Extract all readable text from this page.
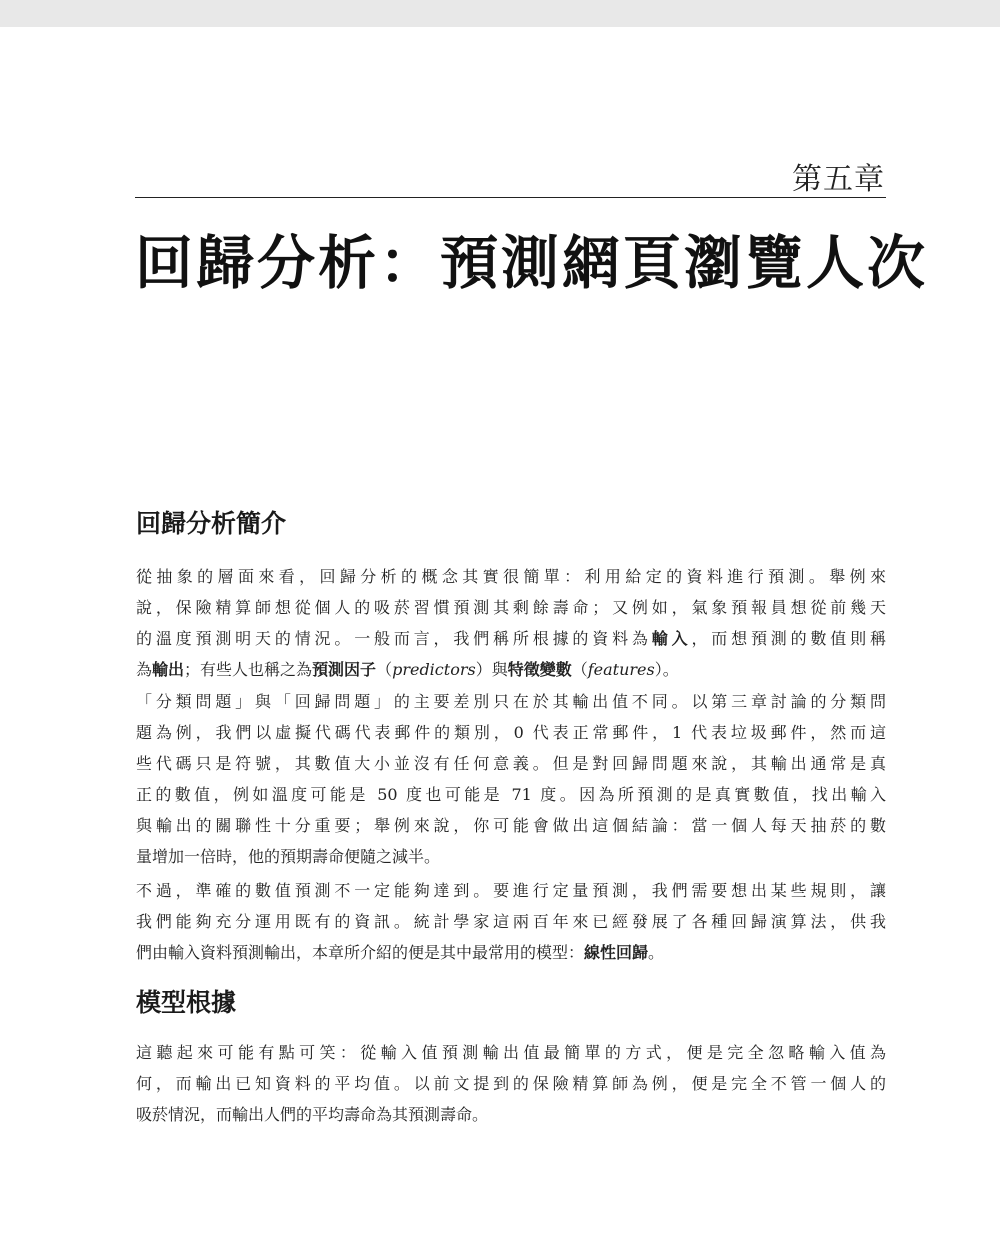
第五章
回歸分析：預測網頁瀏覽人次
回歸分析簡介

從抽象的層面來看，回歸分析的概念其實很簡單：利用給定的資料進行預測。舉例來
說，保險精算師想從個人的吸菸習慣預測其剩餘壽命；又例如，氣象預報員想從前幾天
的溫度預測明天的情況。一般而言，我們稱所根據的資料為輸入，而想預測的數值則稱
為輸出；有些人也稱之為預測因子（predictors）與特徵變數（features）。

「分類問題」與「回歸問題」的主要差別只在於其輸出值不同。以第三章討論的分類問
題為例，我們以虛擬代碼代表郵件的類別，0 代表正常郵件，1 代表垃圾郵件，然而這
些代碼只是符號，其數值大小並沒有任何意義。但是對回歸問題來說，其輸出通常是真
正的數值，例如溫度可能是 50 度也可能是 71 度。因為所預測的是真實數值，找出輸入
與輸出的關聯性十分重要；舉例來說，你可能會做出這個結論：當一個人每天抽菸的數
量增加一倍時，他的預期壽命便隨之減半。

不過，準確的數值預測不一定能夠達到。要進行定量預測，我們需要想出某些規則，讓
我們能夠充分運用既有的資訊。統計學家這兩百年來已經發展了各種回歸演算法，供我
們由輸入資料預測輸出，本章所介紹的便是其中最常用的模型：線性回歸。

模型根據

這聽起來可能有點可笑：從輸入值預測輸出值最簡單的方式，便是完全忽略輸入值為
何，而輸出已知資料的平均值。以前文提到的保險精算師為例，便是完全不管一個人的
吸菸情況，而輸出人們的平均壽命為其預測壽命。
